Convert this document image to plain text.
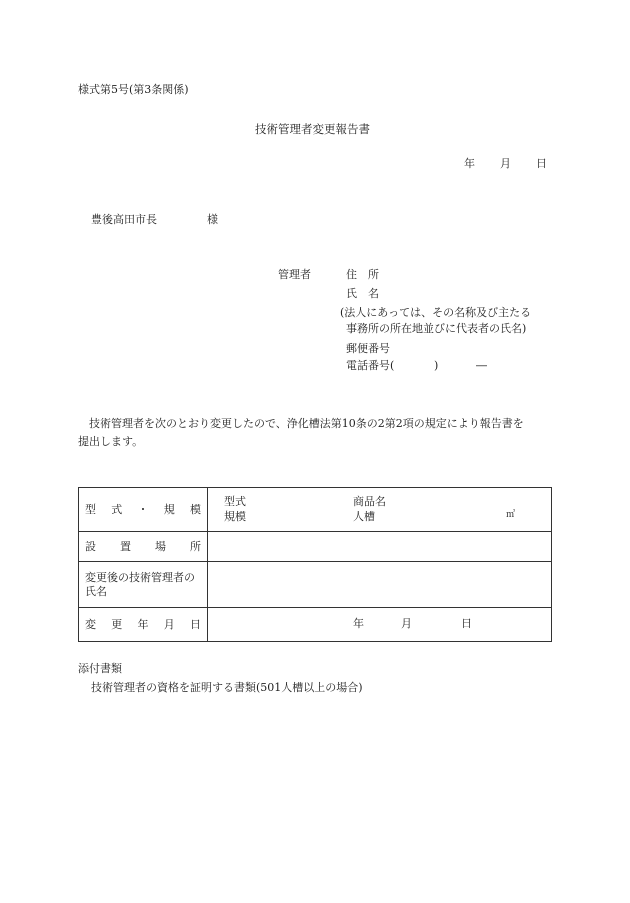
様式第5号(第3条関係)
技術管理者変更報告書
年 月 日
豊後高田市長	様
管理者	住　所
氏　名
(法人にあっては、その名称及び主たる
事務所の所在地並びに代表者の氏名)
郵便番号
電話番号(	)	―
　技術管理者を次のとおり変更したので、浄化槽法第10条の2第2項の規定により報告書を
提出します。
型式・規模	型式
規模
商品名
人槽 ㎥

設置場所	

変更後の技術管理者の
氏名	

変更年月日	年 月 日
添付書類
技術管理者の資格を証明する書類(501人槽以上の場合)
